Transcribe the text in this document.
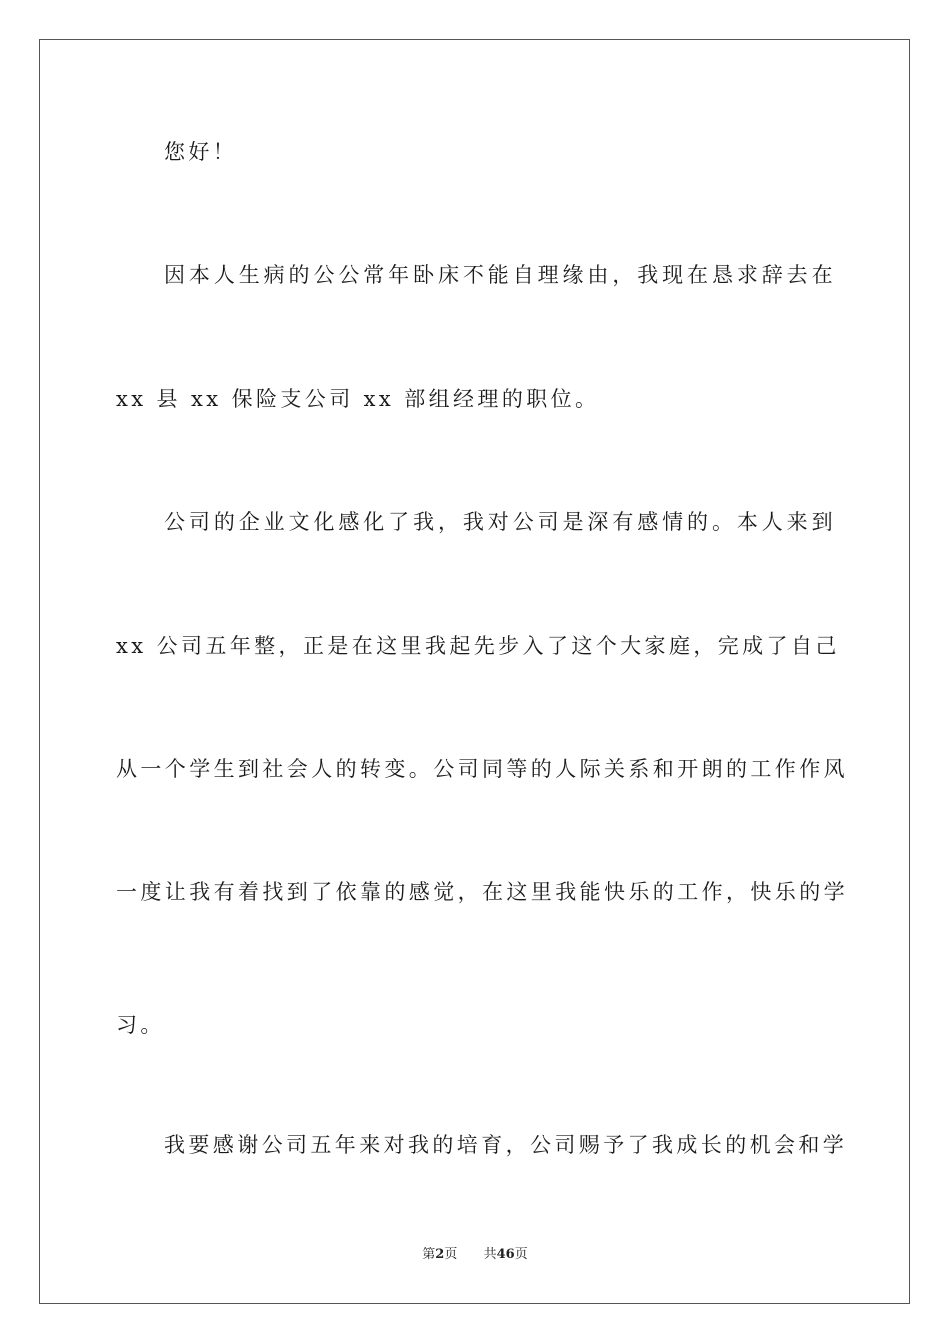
您好！
因本人生病的公公常年卧床不能自理缘由，我现在恳求辞去在
xx 县 xx 保险支公司 xx 部组经理的职位。
公司的企业文化感化了我，我对公司是深有感情的。本人来到
xx 公司五年整，正是在这里我起先步入了这个大家庭，完成了自己
从一个学生到社会人的转变。公司同等的人际关系和开朗的工作作风
一度让我有着找到了依靠的感觉，在这里我能快乐的工作，快乐的学
习。
我要感谢公司五年来对我的培育，公司赐予了我成长的机会和学
第2页 共46页
